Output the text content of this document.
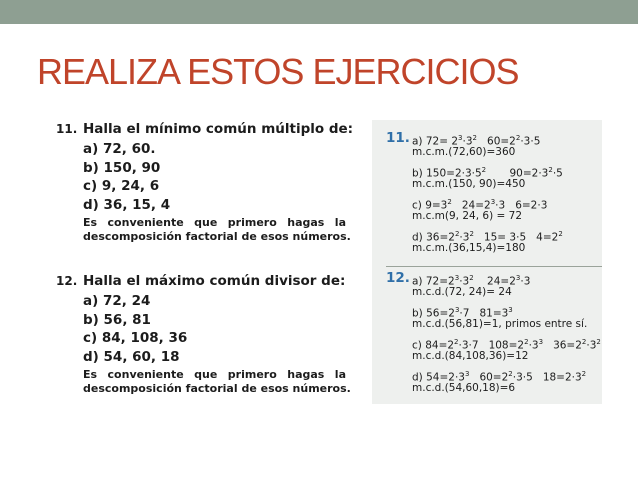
REALIZA ESTOS EJERCICIOS
11. Halla el mínimo común múltiplo de:
a) 72, 60.
b) 150, 90
c) 9, 24, 6
d) 36, 15, 4
Es conveniente que primero hagas la
descomposición factorial de esos números.
12. Halla el máximo común divisor de:
a) 72, 24
b) 56, 81
c) 84, 108, 36
d) 54, 60, 18
Es conveniente que primero hagas la
descomposición factorial de esos números.
11. a) $72= 2^3\cdot 3^2$   $60=2^2\cdot 3\cdot 5$
m.c.m.(72,60)=360
b) $150=2\cdot 3\cdot 5^2$       $90=2\cdot 3^2\cdot 5$
m.c.m.(150, 90)=450
c) $9=3^2$   $24=2^3\cdot 3$   6=2·3
m.c.m(9, 24, 6) = 72
d) $36=2^2\cdot 3^2$   15= 3·5   $4=2^2$
m.c.m.(36,15,4)=180
12. a) $72=2^3\cdot 3^2$    $24=2^3\cdot 3$
m.c.d.(72, 24)= 24
b) $56=2^3\cdot 7$   $81=3^3$
m.c.d.(56,81)=1, primos entre sí.
c) $84=2^2\cdot 3\cdot 7$   $108=2^2\cdot 3^3$   $36=2^2\cdot 3^2$
m.c.d.(84,108,36)=12
d) $54=2\cdot 3^3$   $60=2^2\cdot 3\cdot 5$   $18=2\cdot 3^2$
m.c.d.(54,60,18)=6
